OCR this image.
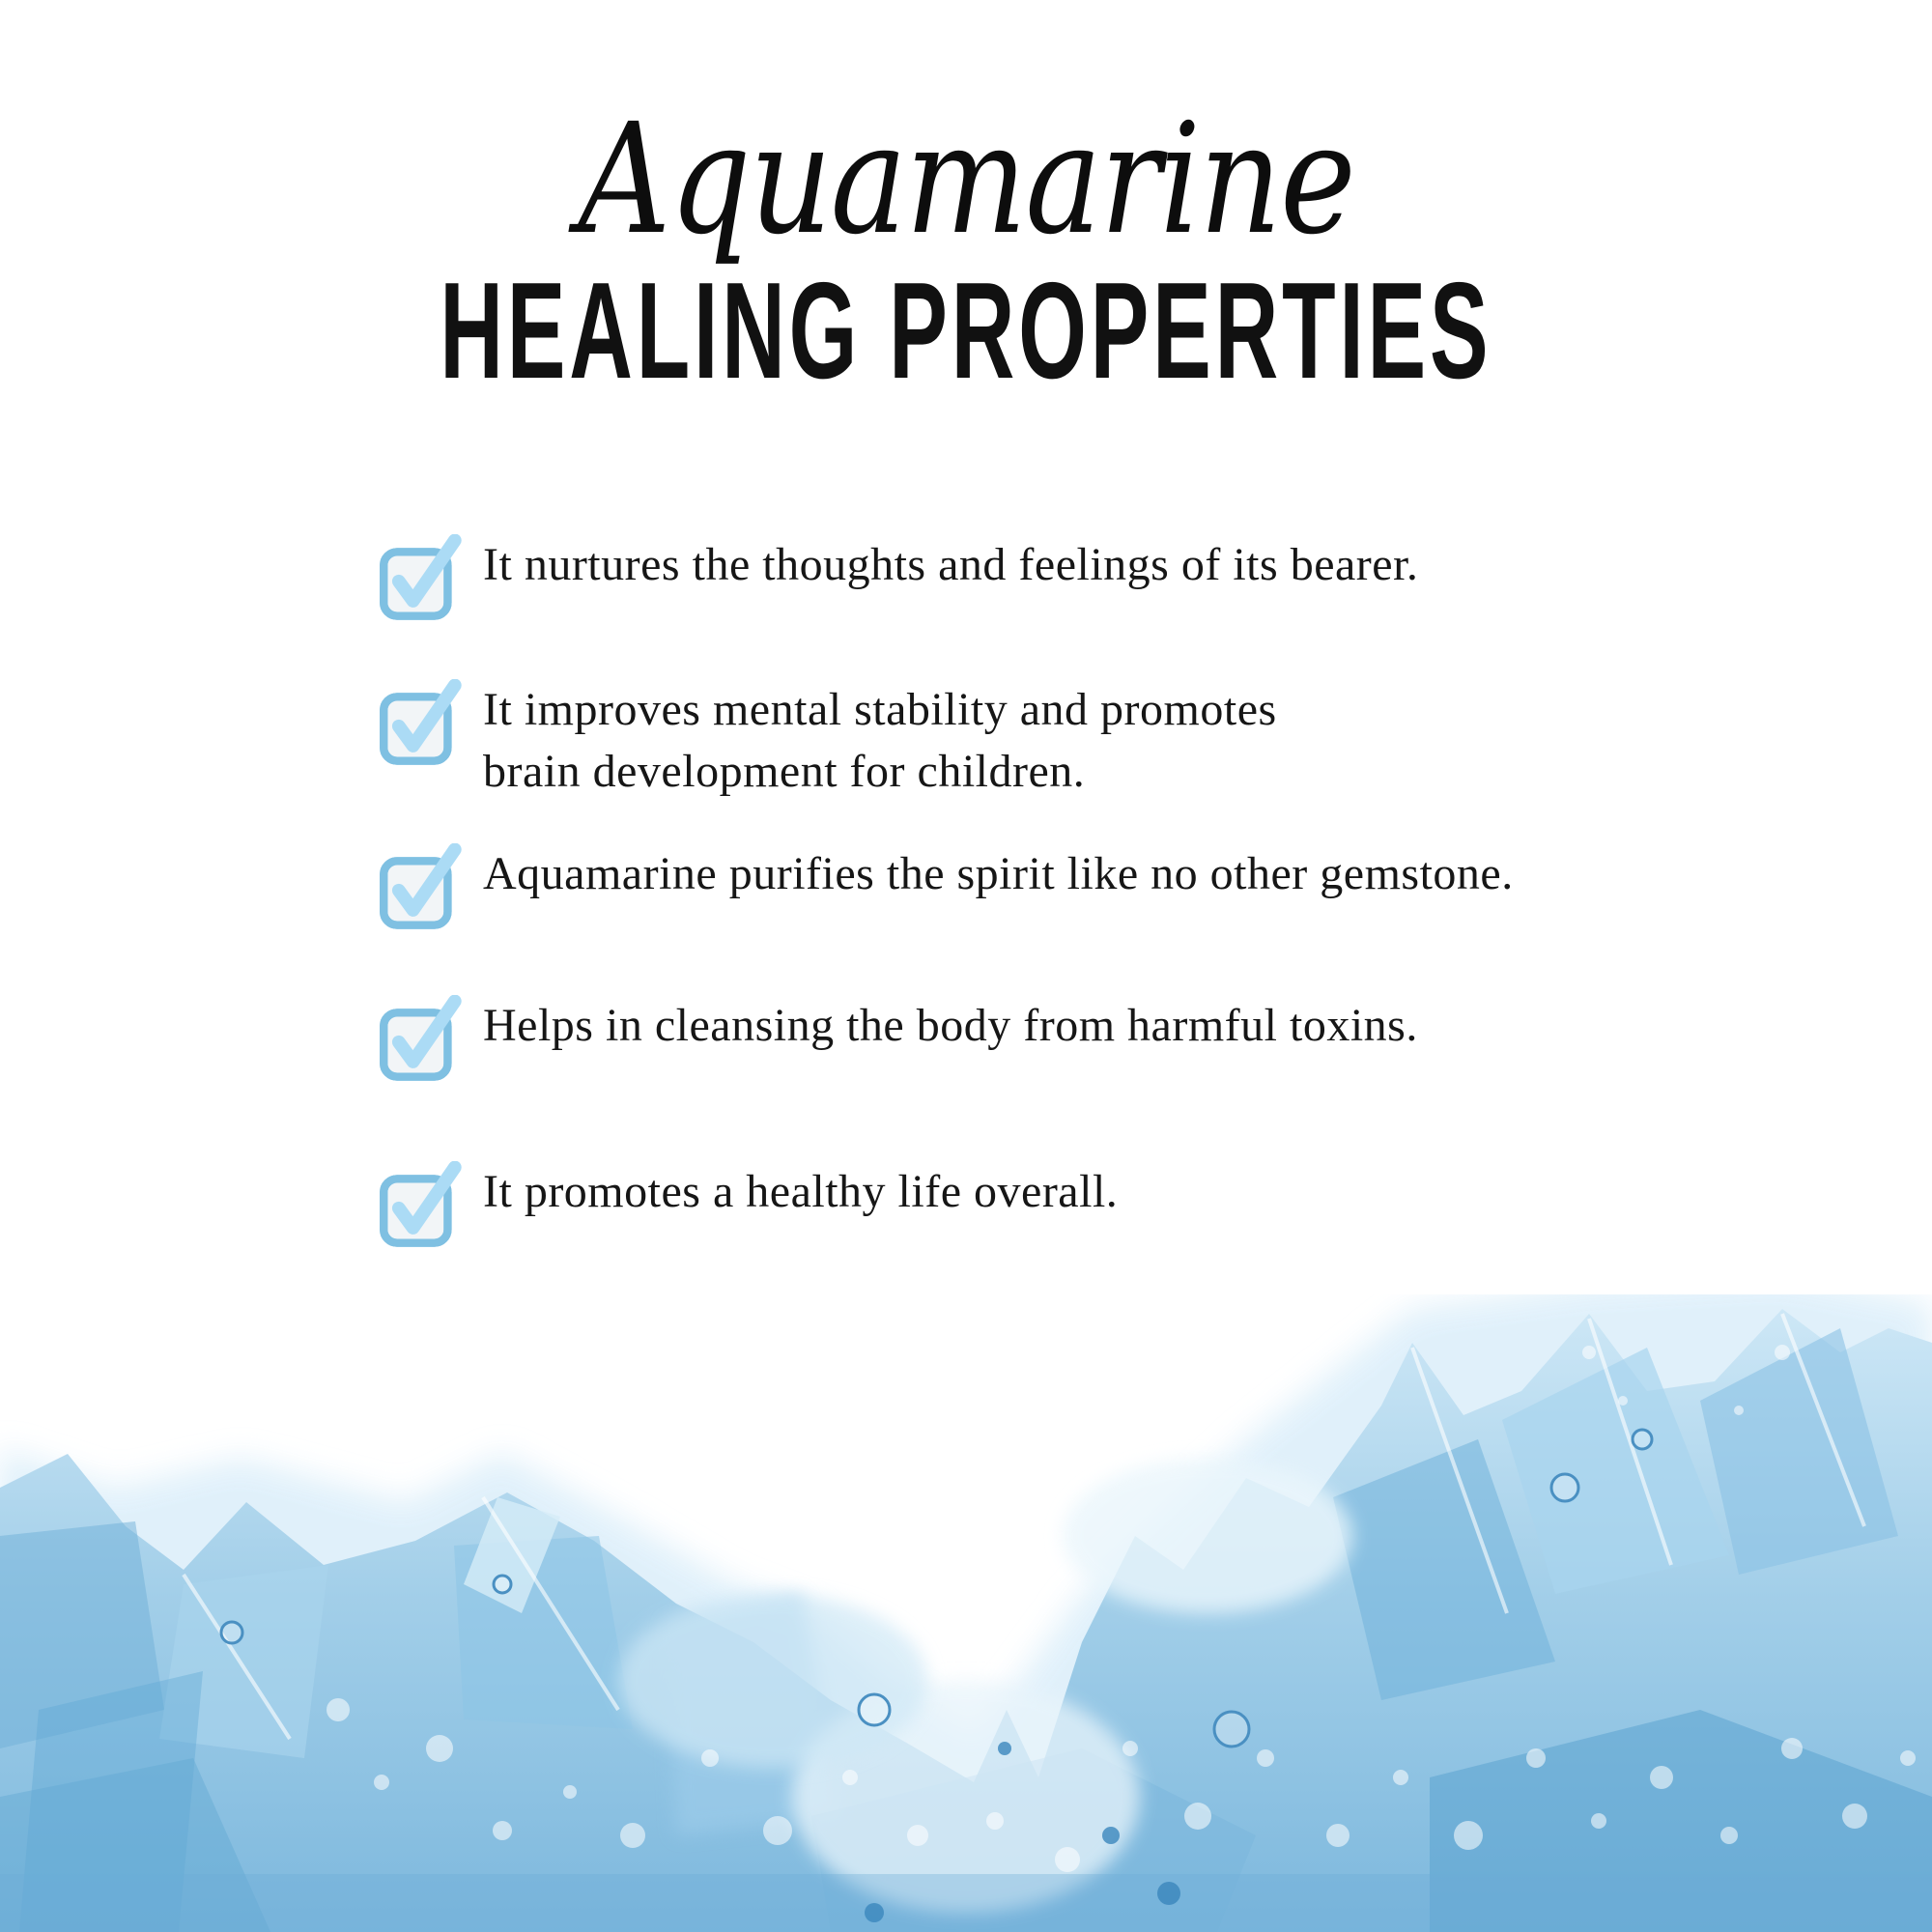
Aquamarine
HEALING PROPERTIES

It nurtures the thoughts and feelings of its bearer.

It improves mental stability and promotes
brain development for children.

Aquamarine purifies the spirit like no other gemstone.

Helps in cleansing the body from harmful toxins.

It promotes a healthy life overall.
